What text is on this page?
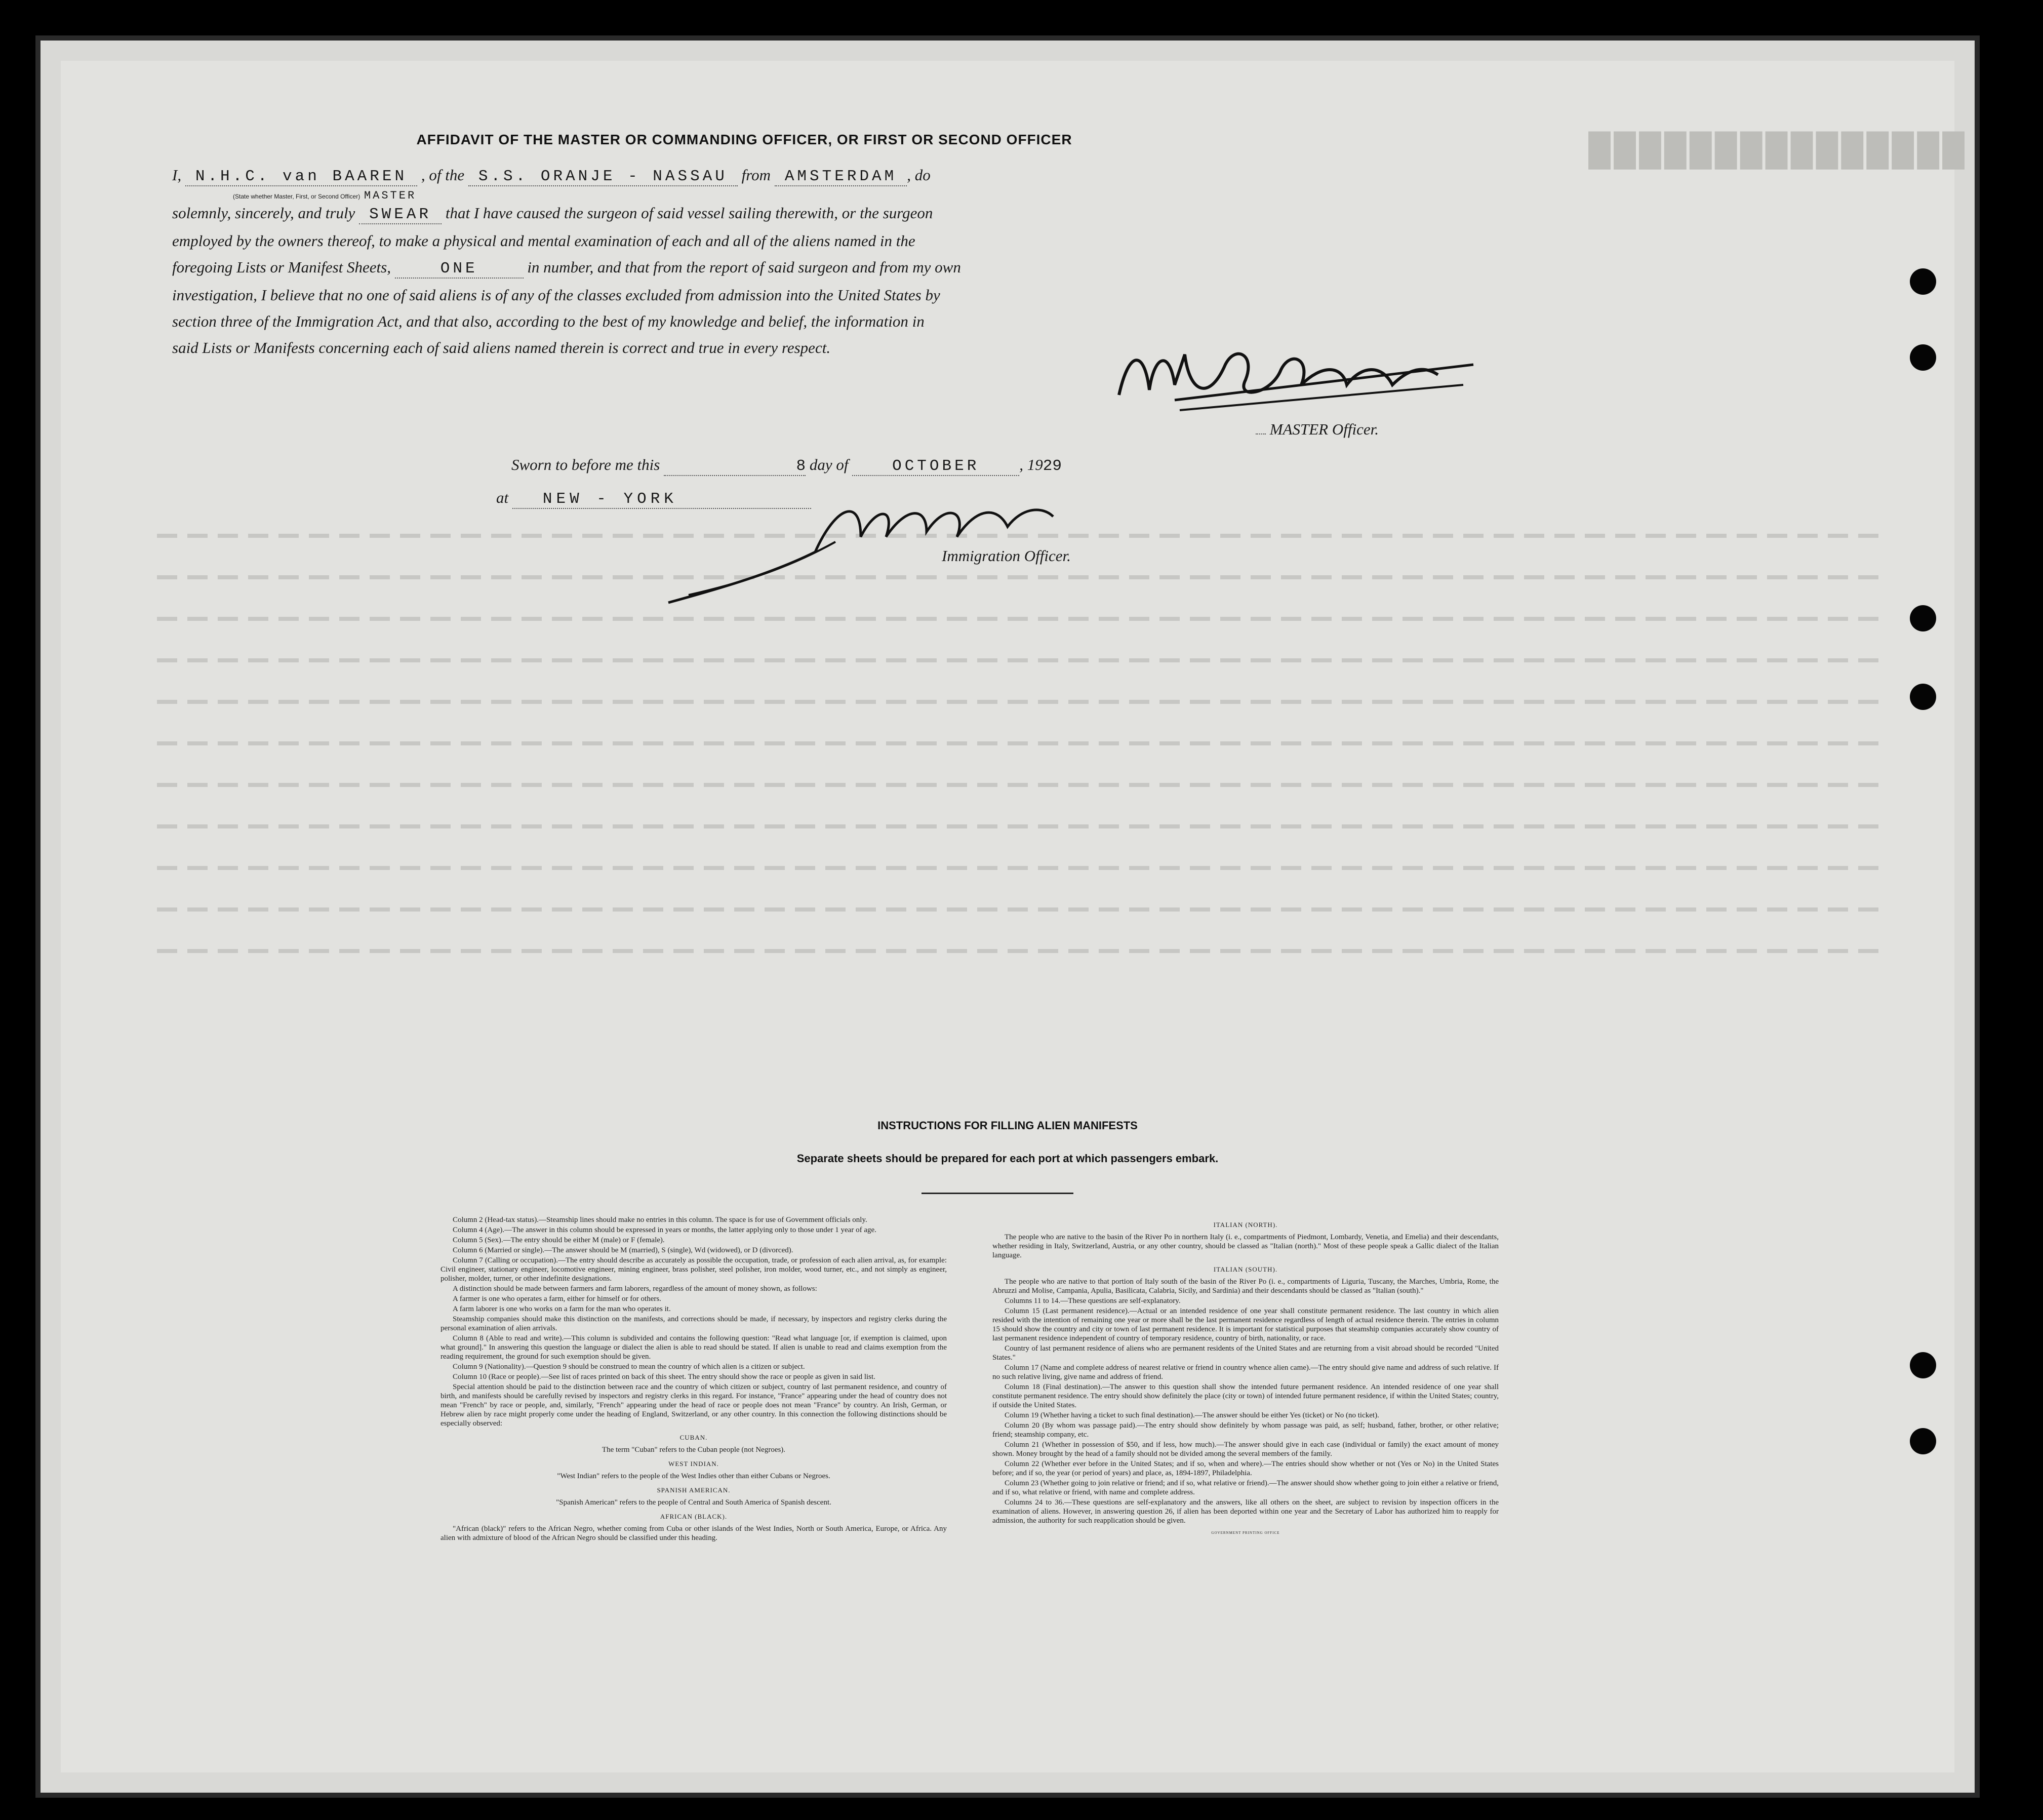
███████████████
AFFIDAVIT OF THE MASTER OR COMMANDING OFFICER, OR FIRST OR SECOND OFFICER
I, N.H.C. van BAAREN , of the S.S. ORANJE - NASSAU from AMSTERDAM , do
(State whether Master, First, or Second Officer) MASTER
solemnly, sincerely, and truly SWEAR that I have caused the surgeon of said vessel sailing therewith, or the surgeon
employed by the owners thereof, to make a physical and mental examination of each and all of the aliens named in the
foregoing Lists or Manifest Sheets,	ONE	in number, and that from the report of said surgeon and from my own
investigation, I believe that no one of said aliens is of any of the classes excluded from admission into the United States by
section three of the Immigration Act, and that also, according to the best of my knowledge and belief, the information in
said Lists or Manifests concerning each of said aliens named therein is correct and true in every respect.
MASTER Officer.
Sworn to before me this	8 day of	OCTOBER	, 1929
at NEW - YORK
Immigration Officer.
INSTRUCTIONS FOR FILLING ALIEN MANIFESTS
Separate sheets should be prepared for each port at which passengers embark.

Column 2 (Head-tax status).—Steamship lines should make no entries in this column. The space is for use of Government officials only.

Column 4 (Age).—The answer in this column should be expressed in years or months, the latter applying only to those under 1 year of age.

Column 5 (Sex).—The entry should be either M (male) or F (female).

Column 6 (Married or single).—The answer should be M (married), S (single), Wd (widowed), or D (divorced).

Column 7 (Calling or occupation).—The entry should describe as accurately as possible the occupation, trade, or profession of each alien arrival, as, for example: Civil engineer, stationary engineer, locomotive engineer, mining engineer, brass polisher, steel polisher, iron molder, wood turner, etc., and not simply as engineer, polisher, molder, turner, or other indefinite designations.

A distinction should be made between farmers and farm laborers, regardless of the amount of money shown, as follows:

A farmer is one who operates a farm, either for himself or for others.

A farm laborer is one who works on a farm for the man who operates it.

Steamship companies should make this distinction on the manifests, and corrections should be made, if necessary, by inspectors and registry clerks during the personal examination of alien arrivals.

Column 8 (Able to read and write).—This column is subdivided and contains the following question: "Read what language [or, if exemption is claimed, upon what ground]." In answering this question the language or dialect the alien is able to read should be stated. If alien is unable to read and claims exemption from the reading requirement, the ground for such exemption should be given.

Column 9 (Nationality).—Question 9 should be construed to mean the country of which alien is a citizen or subject.

Column 10 (Race or people).—See list of races printed on back of this sheet. The entry should show the race or people as given in said list.

Special attention should be paid to the distinction between race and the country of which citizen or subject, country of last permanent residence, and country of birth, and manifests should be carefully revised by inspectors and registry clerks in this regard. For instance, "France" appearing under the head of country does not mean "French" by race or people, and, similarly, "French" appearing under the head of race or people does not mean "France" by country. An Irish, German, or Hebrew alien by race might properly come under the heading of England, Switzerland, or any other country. In this connection the following distinctions should be especially observed:

CUBAN.

The term "Cuban" refers to the Cuban people (not Negroes).

WEST INDIAN.

"West Indian" refers to the people of the West Indies other than either Cubans or Negroes.

SPANISH AMERICAN.

"Spanish American" refers to the people of Central and South America of Spanish descent.

AFRICAN (BLACK).

"African (black)" refers to the African Negro, whether coming from Cuba or other islands of the West Indies, North or South America, Europe, or Africa. Any alien with admixture of blood of the African Negro should be classified under this heading.

ITALIAN (NORTH).

The people who are native to the basin of the River Po in northern Italy (i. e., compartments of Piedmont, Lombardy, Venetia, and Emelia) and their descendants, whether residing in Italy, Switzerland, Austria, or any other country, should be classed as "Italian (north)." Most of these people speak a Gallic dialect of the Italian language.

ITALIAN (SOUTH).

The people who are native to that portion of Italy south of the basin of the River Po (i. e., compartments of Liguria, Tuscany, the Marches, Umbria, Rome, the Abruzzi and Molise, Campania, Apulia, Basilicata, Calabria, Sicily, and Sardinia) and their descendants should be classed as "Italian (south)."

Columns 11 to 14.—These questions are self-explanatory.

Column 15 (Last permanent residence).—Actual or an intended residence of one year shall constitute permanent residence. The last country in which alien resided with the intention of remaining one year or more shall be the last permanent residence regardless of length of actual residence therein. The entries in column 15 should show the country and city or town of last permanent residence. It is important for statistical purposes that steamship companies accurately show country of last permanent residence independent of country of temporary residence, country of birth, nationality, or race.

Country of last permanent residence of aliens who are permanent residents of the United States and are returning from a visit abroad should be recorded "United States."

Column 17 (Name and complete address of nearest relative or friend in country whence alien came).—The entry should give name and address of such relative. If no such relative living, give name and address of friend.

Column 18 (Final destination).—The answer to this question shall show the intended future permanent residence. An intended residence of one year shall constitute permanent residence. The entry should show definitely the place (city or town) of intended future permanent residence, if within the United States; country, if outside the United States.

Column 19 (Whether having a ticket to such final destination).—The answer should be either Yes (ticket) or No (no ticket).

Column 20 (By whom was passage paid).—The entry should show definitely by whom passage was paid, as self; husband, father, brother, or other relative; friend; steamship company, etc.

Column 21 (Whether in possession of $50, and if less, how much).—The answer should give in each case (individual or family) the exact amount of money shown. Money brought by the head of a family should not be divided among the several members of the family.

Column 22 (Whether ever before in the United States; and if so, when and where).—The entries should show whether or not (Yes or No) in the United States before; and if so, the year (or period of years) and place, as, 1894-1897, Philadelphia.

Column 23 (Whether going to join relative or friend; and if so, what relative or friend).—The answer should show whether going to join either a relative or friend, and if so, what relative or friend, with name and complete address.

Columns 24 to 36.—These questions are self-explanatory and the answers, like all others on the sheet, are subject to revision by inspection officers in the examination of aliens. However, in answering question 26, if alien has been deported within one year and the Secretary of Labor has authorized him to reapply for admission, the authority for such reapplication should be given.

GOVERNMENT PRINTING OFFICE
